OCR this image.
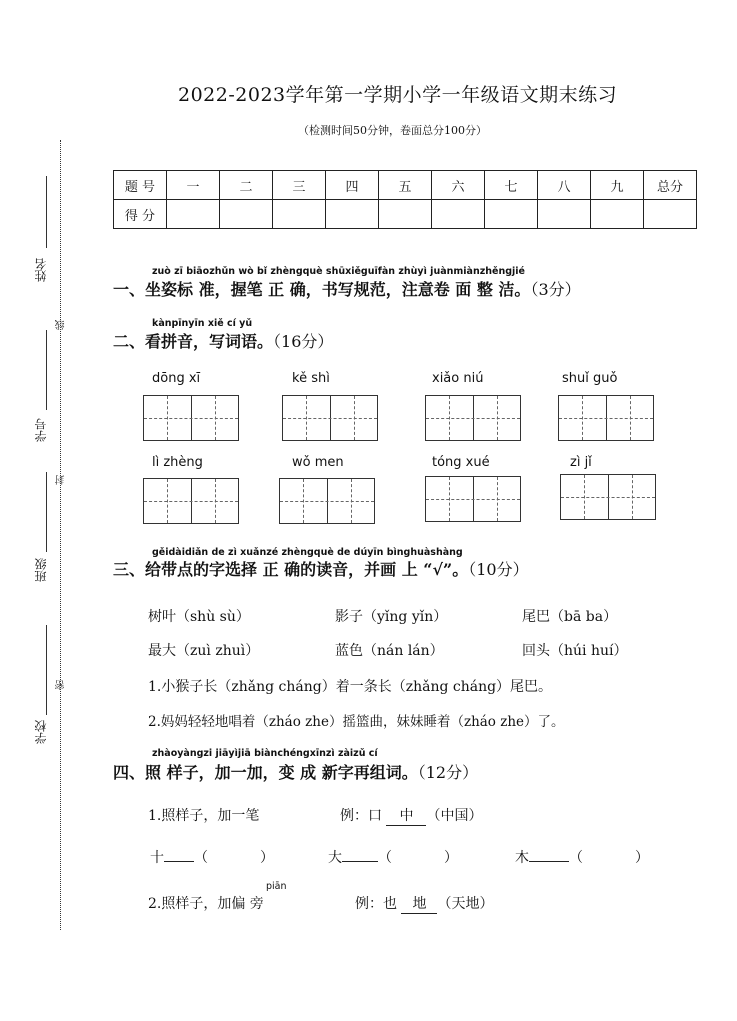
2022-2023学年第一学期小学一年级语文期末练习
（检测时间50分钟，卷面总分100分）
姓名
线
学号
封
班级
密
学校
题 号	一	二	三	四	五	六	七	八	九	总分
得 分										
zuò zī biāozhǔn wò bǐ zhèngquè shūxiěguīfàn zhùyì juànmiànzhěngjié
一、坐姿标 准，握笔 正 确，书写规范，注意卷 面 整 洁。（3分）
kànpīnyīn xiě cí yǔ
二、看拼音，写词语。（16分）
dōng xī	kě shì	xiǎo niú	shuǐ guǒ
lì zhèng	wǒ men	tóng xué	zì jǐ
gěidàidiǎn de zì xuǎnzé zhèngquè de dúyīn bìnghuàshàng
三、给带点的字选择 正 确的读音，并画 上 “√”。（10分）
树叶（shù sù）	影子（yǐng yǐn）	尾巴（bā ba）
最大（zuì zhuì）	蓝色（nán lán）	回头（húi huí）
1.小猴子长（zhǎng cháng）着一条长（zhǎng cháng）尾巴。
2.妈妈轻轻地唱着（zháo zhe）摇篮曲，妹妹睡着（zháo zhe）了。
zhàoyàngzi jiāyìjiā biànchéngxīnzì zàizǔ cí
四、照 样子，加一加，变 成 新字再组词。（12分）
1.照样子，加一笔	例：口 中 （中国）
十 （	）	大	（	）	木	（	）
piān
2.照样子，加偏 旁	例：也 地 （天地）
